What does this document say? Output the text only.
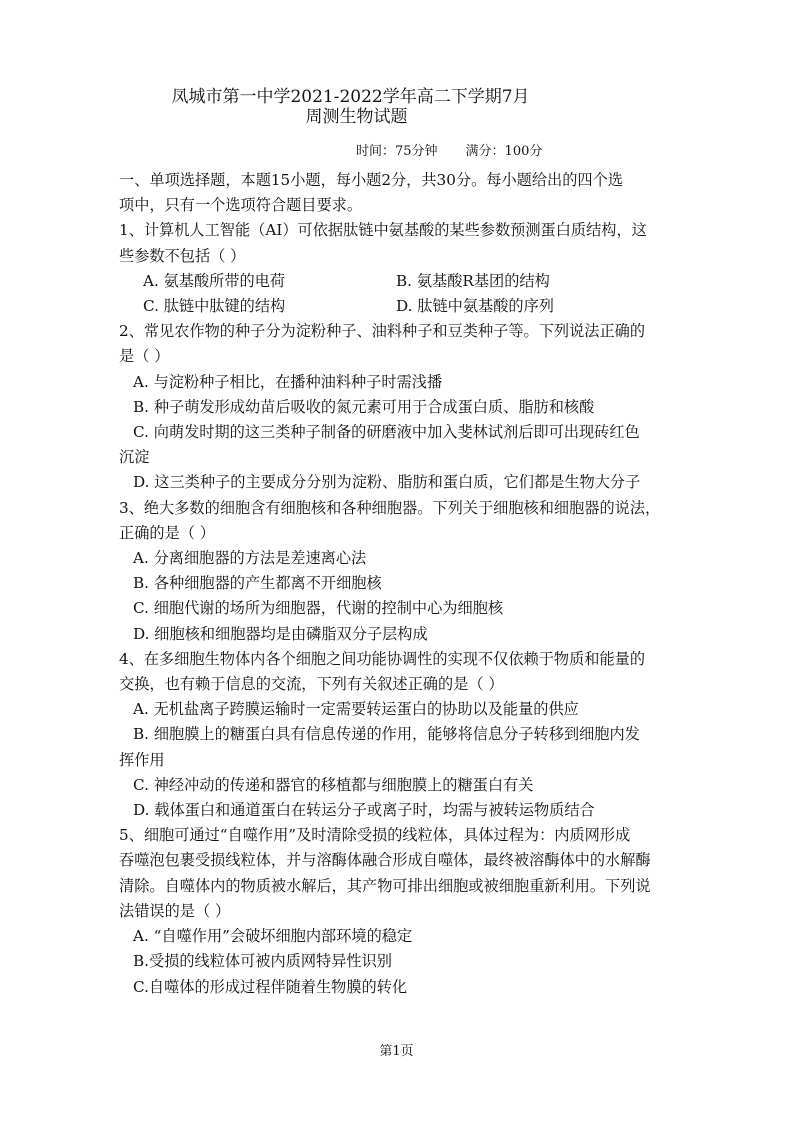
凤城市第一中学2021-2022学年高二下学期7月
周测生物试题
时间：75分钟 满分：100分

一、单项选择题，本题15小题，每小题2分，共30分。每小题给出的四个选

项中，只有一个选项符合题目要求。

1、计算机人工智能（AI）可依据肽链中氨基酸的某些参数预测蛋白质结构，这

些参数不包括（ ）

A. 氨基酸所带的电荷	B. 氨基酸R基团的结构
C. 肽链中肽键的结构	D. 肽链中氨基酸的序列

2、常见农作物的种子分为淀粉种子、油料种子和豆类种子等。下列说法正确的

是（ ）

A. 与淀粉种子相比，在播种油料种子时需浅播

B. 种子萌发形成幼苗后吸收的氮元素可用于合成蛋白质、脂肪和核酸

C. 向萌发时期的这三类种子制备的研磨液中加入斐林试剂后即可出现砖红色

沉淀

D. 这三类种子的主要成分分别为淀粉、脂肪和蛋白质，它们都是生物大分子

3、绝大多数的细胞含有细胞核和各种细胞器。下列关于细胞核和细胞器的说法，

正确的是（ ）

A. 分离细胞器的方法是差速离心法

B. 各种细胞器的产生都离不开细胞核

C. 细胞代谢的场所为细胞器，代谢的控制中心为细胞核

D. 细胞核和细胞器均是由磷脂双分子层构成

4、在多细胞生物体内各个细胞之间功能协调性的实现不仅依赖于物质和能量的

交换，也有赖于信息的交流，下列有关叙述正确的是（ ）

A. 无机盐离子跨膜运输时一定需要转运蛋白的协助以及能量的供应

B. 细胞膜上的糖蛋白具有信息传递的作用，能够将信息分子转移到细胞内发

挥作用

C. 神经冲动的传递和器官的移植都与细胞膜上的糖蛋白有关

D. 载体蛋白和通道蛋白在转运分子或离子时，均需与被转运物质结合

5、细胞可通过“自噬作用”及时清除受损的线粒体，具体过程为：内质网形成

吞噬泡包裹受损线粒体，并与溶酶体融合形成自噬体，最终被溶酶体中的水解酶

清除。自噬体内的物质被水解后，其产物可排出细胞或被细胞重新利用。下列说

法错误的是（ ）

A. “自噬作用”会破坏细胞内部环境的稳定

B.受损的线粒体可被内质网特异性识别

C.自噬体的形成过程伴随着生物膜的转化

第1页
